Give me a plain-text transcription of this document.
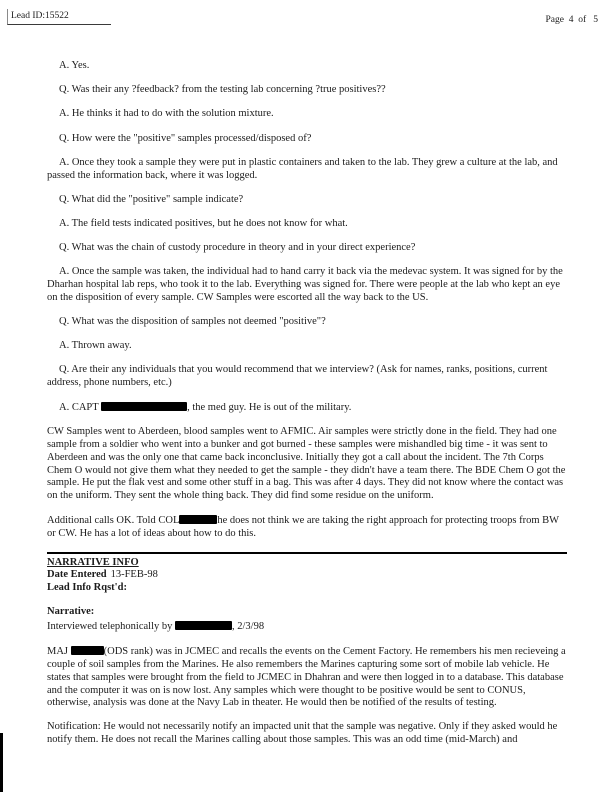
Lead ID:15522	Page  4  of   5

A. Yes.

Q. Was their any ?feedback? from the testing lab concerning ?true positives??

A. He thinks it had to do with the solution mixture.

Q. How were the "positive" samples processed/disposed of?

A. Once they took a sample they were put in plastic containers and taken to the lab. They grew a culture at the lab, and passed the information back, where it was logged.

Q. What did the "positive" sample indicate?

A. The field tests indicated positives, but he does not know for what.

Q. What was the chain of custody procedure in theory and in your direct experience?

A. Once the sample was taken, the individual had to hand carry it back via the medevac system. It was signed for by the Dharhan hospital lab reps, who took it to the lab. Everything was signed for. There were people at the lab who kept an eye on the disposition of every sample. CW Samples were escorted all the way back to the US.

Q. What was the disposition of samples not deemed "positive"?

A. Thrown away.

Q. Are their any individuals that you would recommend that we interview? (Ask for names, ranks, positions, current address, phone numbers, etc.)

A. CAPT	, the med guy. He is out of the military.

CW Samples went to Aberdeen, blood samples went to AFMIC. Air samples were strictly done in the field. They had one sample from a soldier who went into a bunker and got burned - these samples were mishandled big time - it was sent to Aberdeen and was the only one that came back inconclusive. Initially they got a call about the incident. The 7th Corps Chem O would not give them what they needed to get the sample - they didn't have a team there. The BDE Chem O got the sample. He put the flak vest and some other stuff in a bag. This was after 4 days. They did not know where the contact was on the uniform. They sent the whole thing back. They did find some residue on the uniform.

Additional calls OK. Told COL	he does not think we are taking the right approach for protecting troops from BW or CW. He has a lot of ideas about how to do this.

NARRATIVE INFO
Date Entered 13-FEB-98
Lead Info Rqst'd:
Narrative:

Interviewed telephonically by	, 2/3/98

MAJ	(ODS rank) was in JCMEC and recalls the events on the Cement Factory. He remembers his men recieveing a couple of soil samples from the Marines. He also remembers the Marines capturing some sort of mobile lab vehicle. He states that samples were brought from the field to JCMEC in Dhahran and were then logged in to a database. This database and the computer it was on is now lost. Any samples which were thought to be positive would be sent to CONUS, otherwise, analysis was done at the Navy Lab in theater. He would then be notified of the results of testing.

Notification: He would not necessarily notify an impacted unit that the sample was negative. Only if they asked would he notify them. He does not recall the Marines calling about those samples. This was an odd time (mid-March) and
